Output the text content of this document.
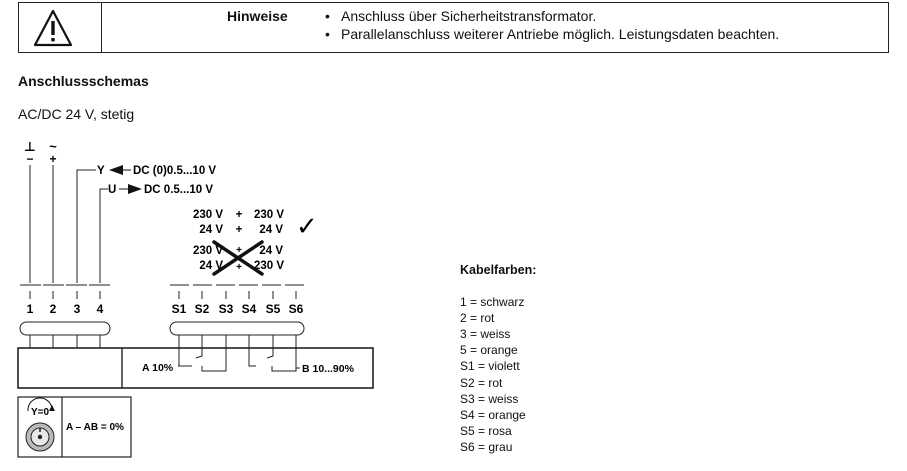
Hinweise
•	Anschluss über Sicherheitstransformator.
• Parallelanschluss weiterer Antriebe möglich. Leistungsdaten beachten.
Anschlussschemas
AC/DC 24 V, stetig
⊥
−
~
+
Y DC (0)0.5...10 V
U DC 0.5...10 V
230 V + 230 V
24 V + 24 V ✓
230 V + 24 V
24 V + 230 V
1 2 3 4	S1 S2 S3 S4 S5 S6
A 10%	B 10...90%
Y=0
A – AB = 0%
Kabelfarben:
1 = schwarz
2 = rot
3 = weiss
5 = orange
S1 = violett
S2 = rot
S3 = weiss
S4 = orange
S5 = rosa
S6 = grau
